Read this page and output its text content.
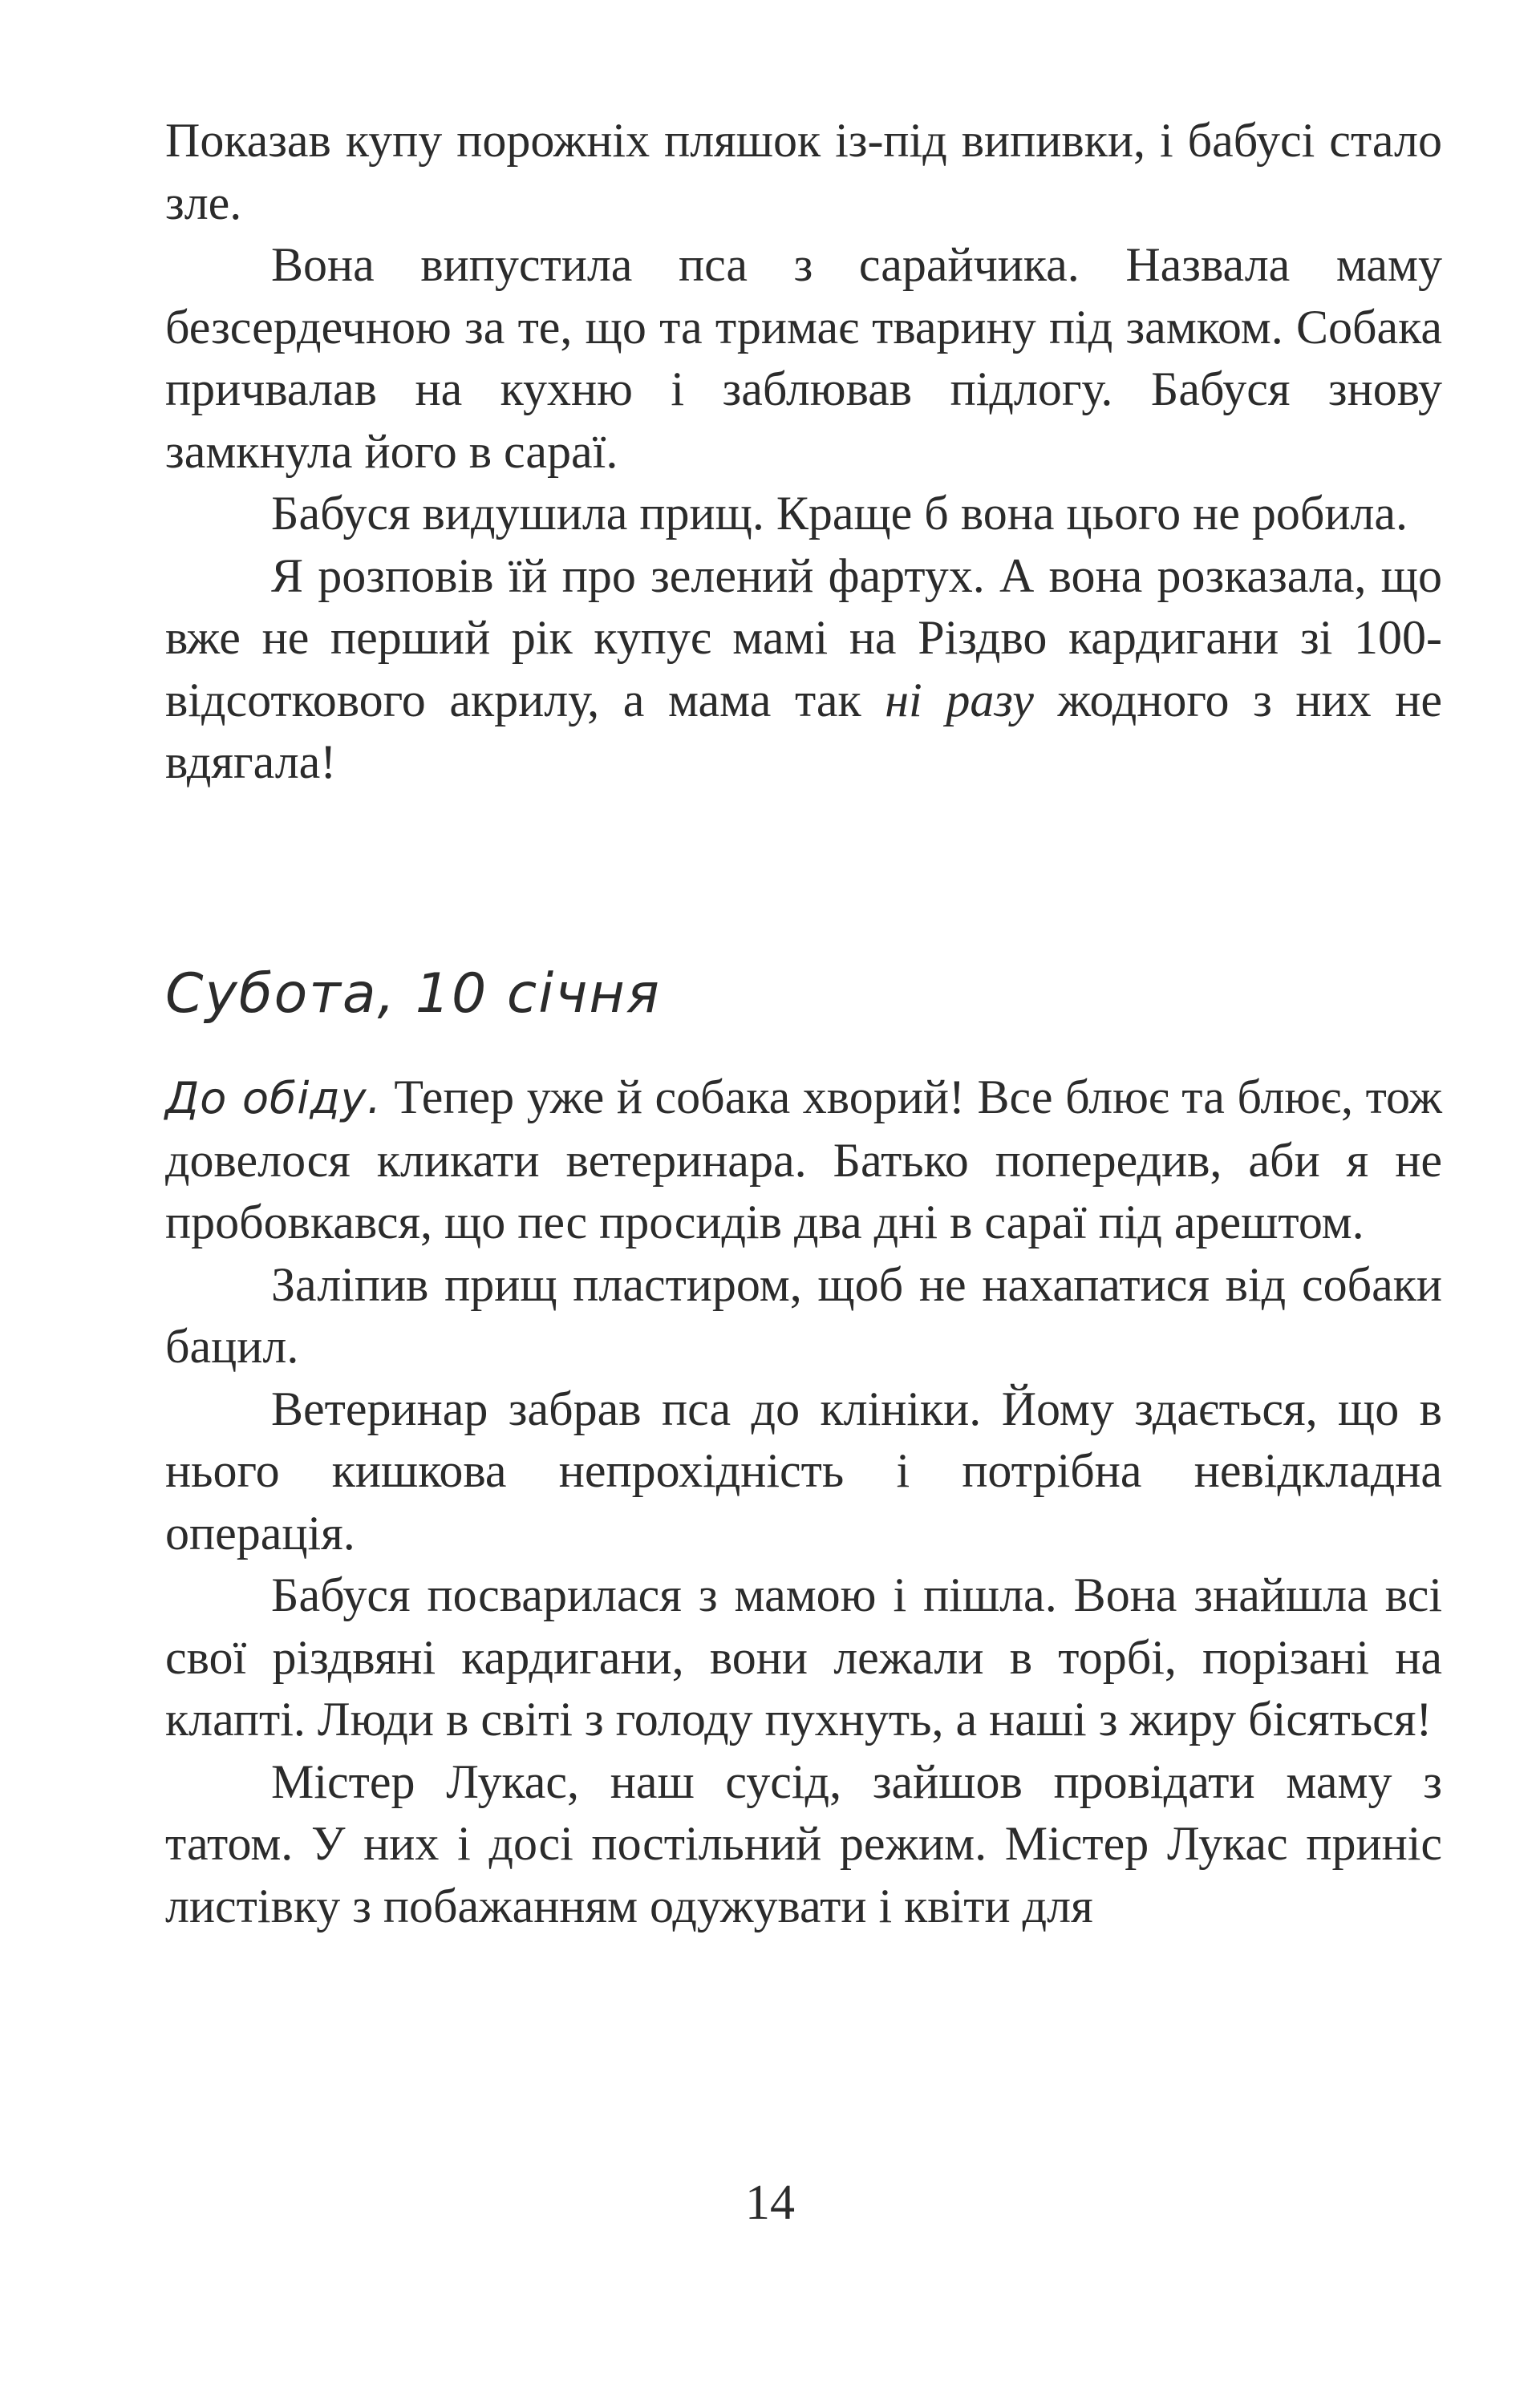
Показав купу порожніх пляшок із-під випивки, і бабусі стало зле.

Вона випустила пса з сарайчика. Назвала маму безсердечною за те, що та тримає тварину під замком. Собака причвалав на кухню і заблював підлогу. Бабуся знову замкнула його в сараї.

Бабуся видушила прищ. Краще б вона цього не робила.

Я розповів їй про зелений фартух. А вона розказала, що вже не перший рік купує мамі на Різдво кардигани зі 100-відсоткового акрилу, а мама так ні разу жодного з них не вдягала!

Субота, 10 січня

До обіду. Тепер уже й собака хворий! Все блює та блює, тож довелося кликати ветеринара. Батько попередив, аби я не пробовкався, що пес просидів два дні в сараї під арештом.

Заліпив прищ пластиром, щоб не нахапатися від собаки бацил.

Ветеринар забрав пса до клініки. Йому здається, що в нього кишкова непрохідність і потрібна невідкладна операція.

Бабуся посварилася з мамою і пішла. Вона знайшла всі свої різдвяні кардигани, вони лежали в торбі, порізані на клапті. Люди в світі з голоду пухнуть, а наші з жиру бісяться!

Містер Лукас, наш сусід, зайшов провідати маму з татом. У них і досі постільний режим. Містер Лукас приніс листівку з побажанням одужувати і квіти для

14
